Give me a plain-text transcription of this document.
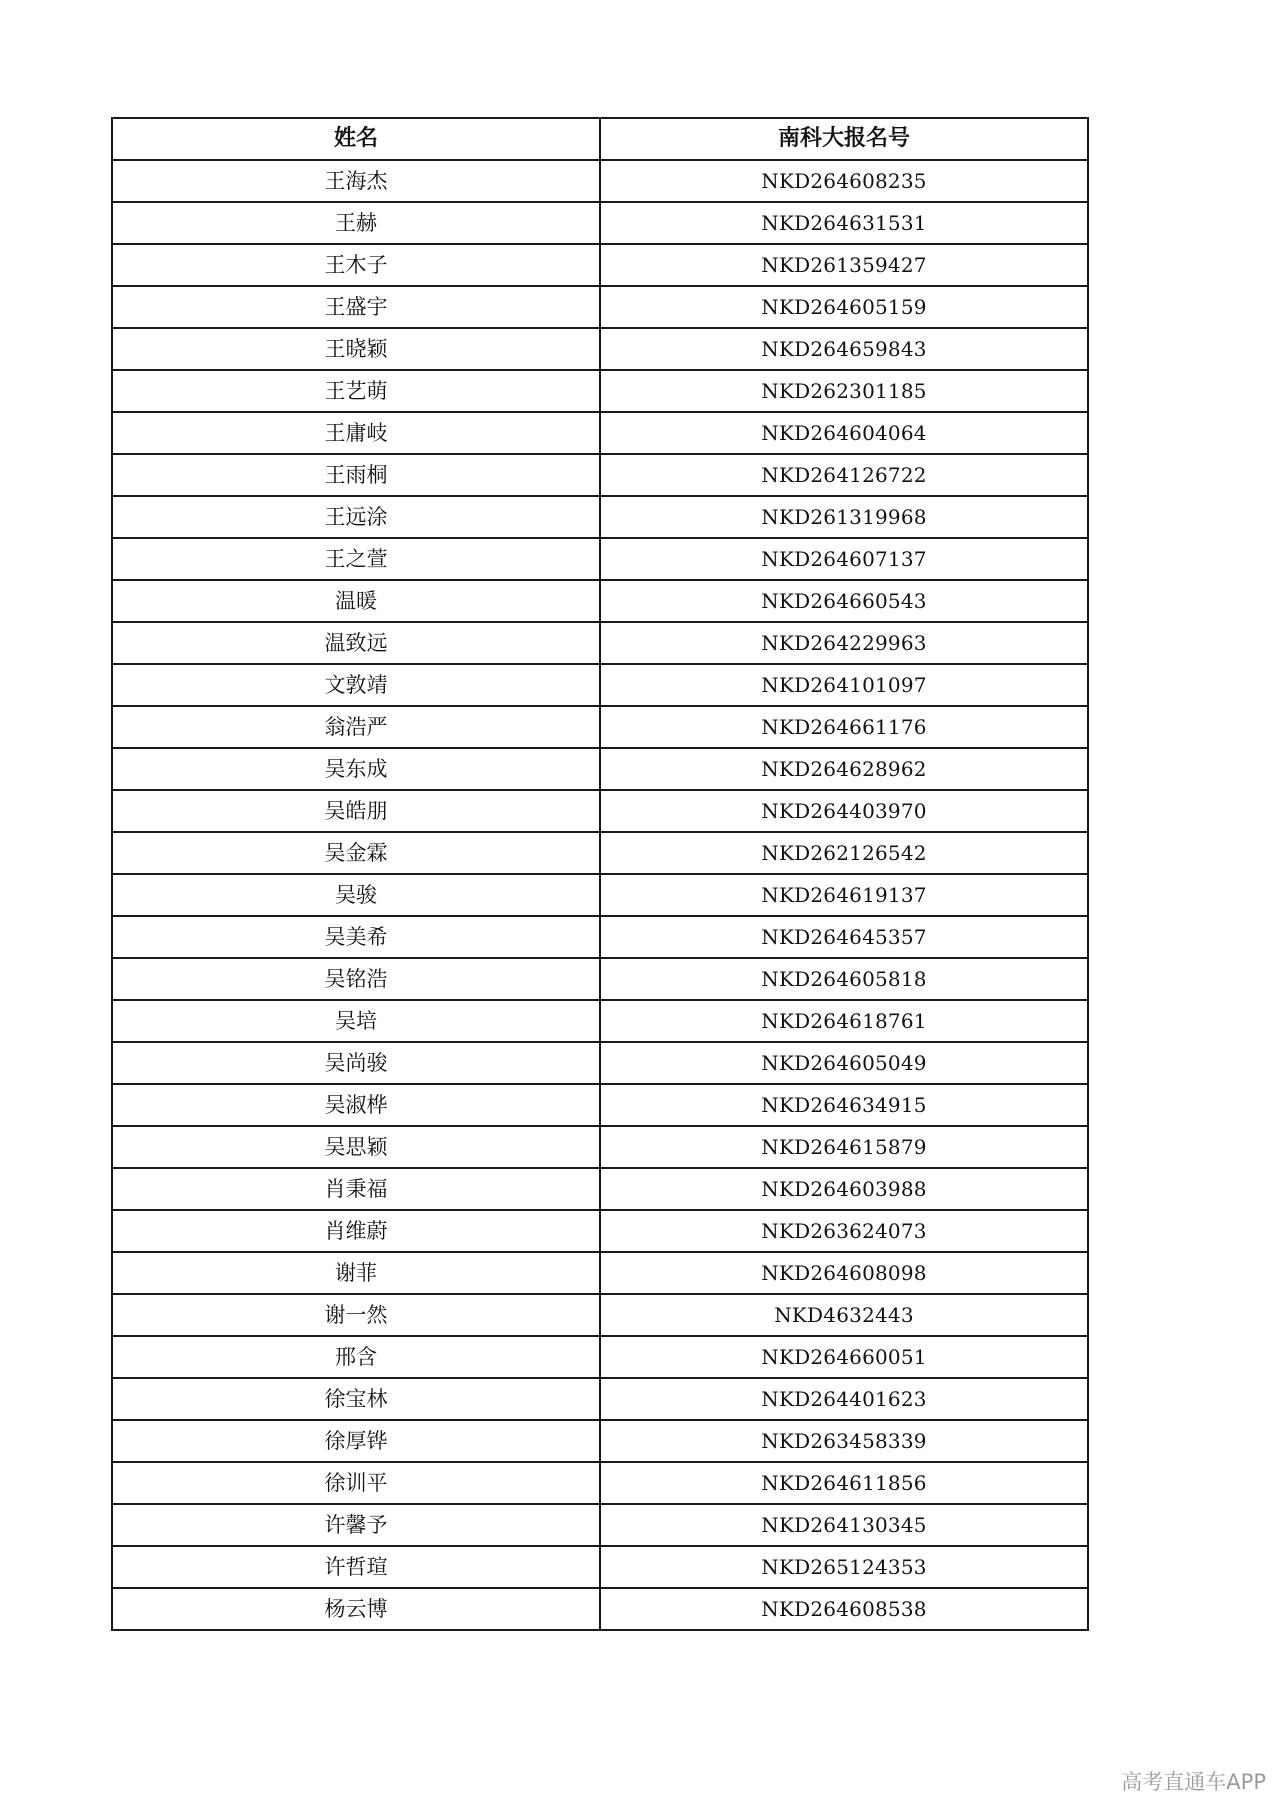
姓名	南科大报名号
王海杰	NKD264608235
王赫	NKD264631531
王木子	NKD261359427
王盛宇	NKD264605159
王晓颖	NKD264659843
王艺萌	NKD262301185
王庸岐	NKD264604064
王雨桐	NKD264126722
王远涂	NKD261319968
王之萱	NKD264607137
温暖	NKD264660543
温致远	NKD264229963
文敦靖	NKD264101097
翁浩严	NKD264661176
吴东成	NKD264628962
吴皓朋	NKD264403970
吴金霖	NKD262126542
吴骏	NKD264619137
吴美希	NKD264645357
吴铭浩	NKD264605818
吴培	NKD264618761
吴尚骏	NKD264605049
吴淑桦	NKD264634915
吴思颖	NKD264615879
肖秉福	NKD264603988
肖维蔚	NKD263624073
谢菲	NKD264608098
谢一然	NKD4632443
邢含	NKD264660051
徐宝林	NKD264401623
徐厚铧	NKD263458339
徐训平	NKD264611856
许馨予	NKD264130345
许哲瑄	NKD265124353
杨云博	NKD264608538
高考直通车APP
